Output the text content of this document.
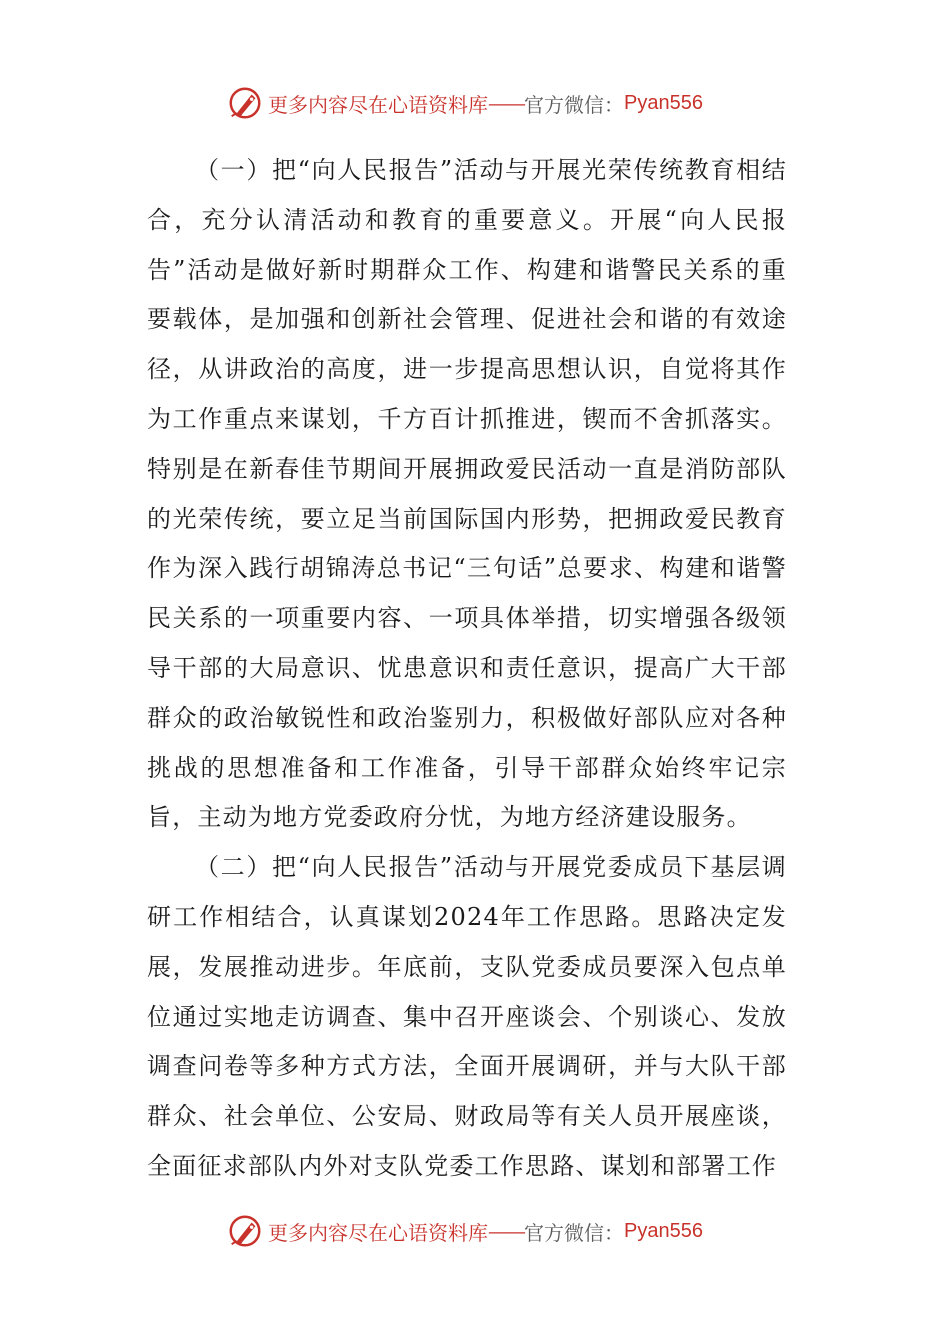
更多内容尽在心语资料库 —— 官方微信： Pyan556

（一）把“向人民报告”活动与开展光荣传统教育相结合，充分认清活动和教育的重要意义。开展“向人民报告”活动是做好新时期群众工作、构建和谐警民关系的重要载体，是加强和创新社会管理、促进社会和谐的有效途径，从讲政治的高度，进一步提高思想认识，自觉将其作为工作重点来谋划，千方百计抓推进，锲而不舍抓落实。特别是在新春佳节期间开展拥政爱民活动一直是消防部队的光荣传统，要立足当前国际国内形势，把拥政爱民教育作为深入践行胡锦涛总书记“三句话”总要求、构建和谐警民关系的一项重要内容、一项具体举措，切实增强各级领导干部的大局意识、忧患意识和责任意识，提高广大干部群众的政治敏锐性和政治鉴别力，积极做好部队应对各种挑战的思想准备和工作准备，引导干部群众始终牢记宗旨，主动为地方党委政府分忧，为地方经济建设服务。

（二）把“向人民报告”活动与开展党委成员下基层调研工作相结合，认真谋划2024年工作思路。思路决定发展，发展推动进步。年底前，支队党委成员要深入包点单位通过实地走访调查、集中召开座谈会、个别谈心、发放调查问卷等多种方式方法，全面开展调研，并与大队干部群众、社会单位、公安局、财政局等有关人员开展座谈，全面征求部队内外对支队党委工作思路、谋划和部署工作

更多内容尽在心语资料库 —— 官方微信： Pyan556
